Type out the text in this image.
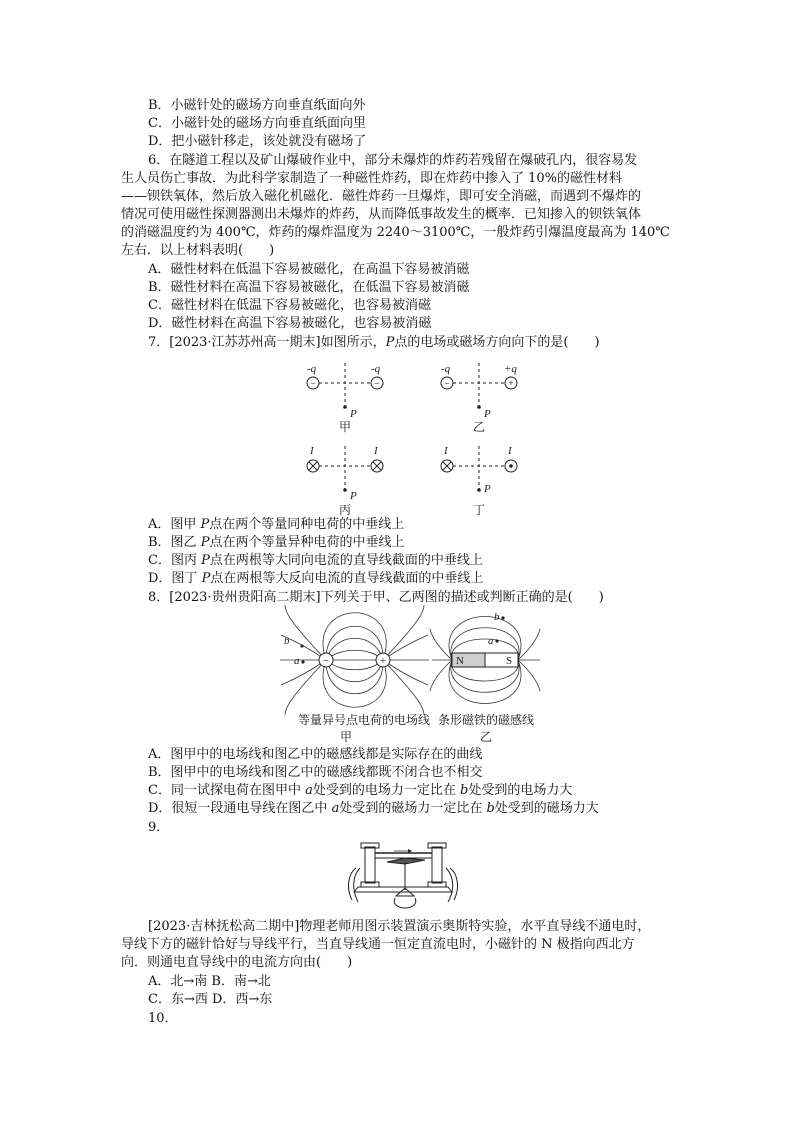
B．小磁针处的磁场方向垂直纸面向外
C．小磁针处的磁场方向垂直纸面向里
D．把小磁针移走，该处就没有磁场了
6．在隧道工程以及矿山爆破作业中，部分未爆炸的炸药若残留在爆破孔内，很容易发
生人员伤亡事故．为此科学家制造了一种磁性炸药，即在炸药中掺入了 10%的磁性材料
——钡铁氧体，然后放入磁化机磁化．磁性炸药一旦爆炸，即可安全消磁，而遇到不爆炸的
情况可使用磁性探测器测出未爆炸的炸药，从而降低事故发生的概率．已知掺入的钡铁氧体
的消磁温度约为 400℃，炸药的爆炸温度为 2240～3100℃，一般炸药引爆温度最高为 140℃
左右．以上材料表明(　　)
A．磁性材料在低温下容易被磁化，在高温下容易被消磁
B．磁性材料在高温下容易被磁化，在低温下容易被消磁
C．磁性材料在低温下容易被磁化，也容易被消磁
D．磁性材料在高温下容易被磁化，也容易被消磁
7．[2023·江苏苏州高一期末]如图所示，P点的电场或磁场方向向下的是(　　)
−	−	−	+
-q	-q	-q	+q
P	P
甲	乙
I	I	I	I
P
P
丙	丁
A．图甲 P点在两个等量同种电荷的中垂线上
B．图乙 P点在两个等量异种电荷的中垂线上
C．图丙 P点在两根等大同向电流的直导线截面的中垂线上
D．图丁 P点在两根等大反向电流的直导线截面的中垂线上
8．[2023·贵州贵阳高二期末]下列关于甲、乙两图的描述或判断正确的是(　　)
−	+
b
a	N	S
b
a
等量异号点电荷的电场线 条形磁铁的磁感线
甲	乙
A．图甲中的电场线和图乙中的磁感线都是实际存在的曲线
B．图甲中的电场线和图乙中的磁感线都既不闭合也不相交
C．同一试探电荷在图甲中 a处受到的电场力一定比在 b处受到的电场力大
D．很短一段通电导线在图乙中 a处受到的磁场力一定比在 b处受到的磁场力大
9．
[2023·吉林抚松高二期中]物理老师用图示装置演示奥斯特实验，水平直导线不通电时，
导线下方的磁针恰好与导线平行，当直导线通一恒定直流电时，小磁针的 N 极指向西北方
向．则通电直导线中的电流方向由(　　)
A．北→南 B．南→北
C．东→西 D．西→东
10．
